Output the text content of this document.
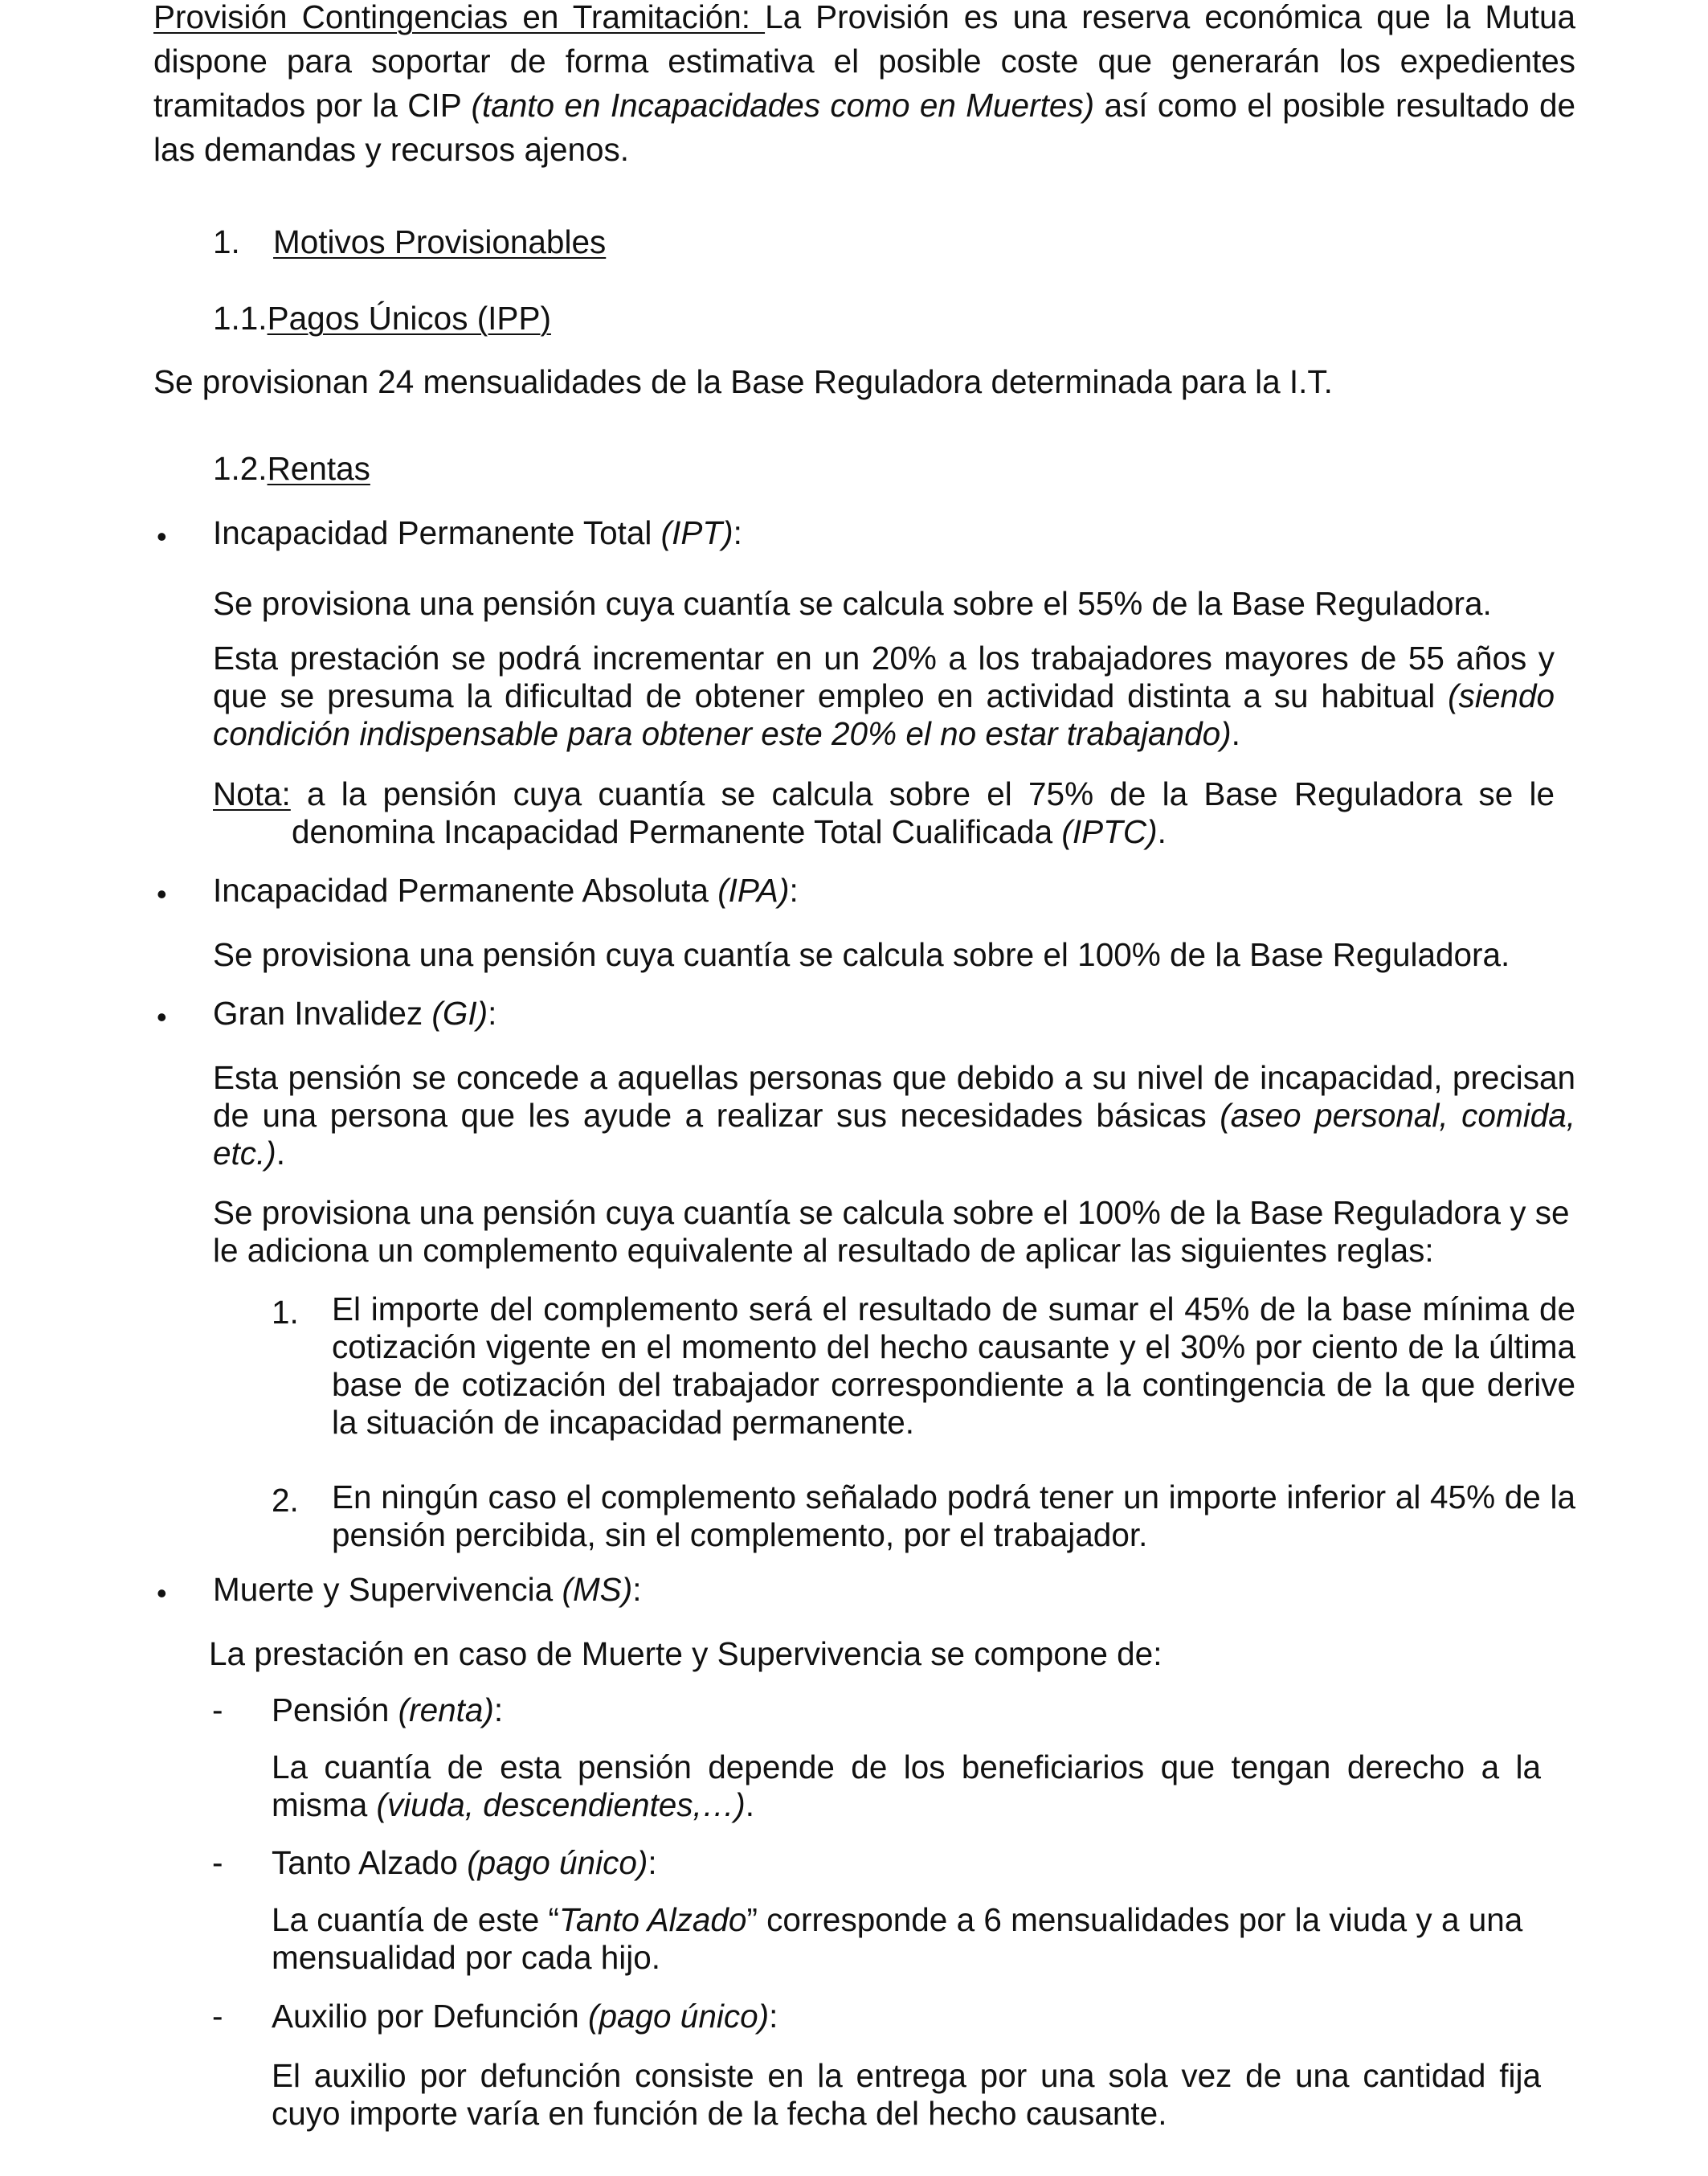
Provisión Contingencias en Tramitación: La Provisión es una reserva económica que la Mutua dispone para soportar de forma estimativa el posible coste que generarán los expedientes tramitados por la CIP (tanto en Incapacidades como en Muertes) así como el posible resultado de las demandas y recursos ajenos.

1. Motivos Provisionables
1.1.Pagos Únicos (IPP)

Se provisionan 24 mensualidades de la Base Reguladora determinada para la I.T.

1.2.Rentas
• Incapacidad Permanente Total (IPT):

Se provisiona una pensión cuya cuantía se calcula sobre el 55% de la Base Reguladora.

Esta prestación se podrá incrementar en un 20% a los trabajadores mayores de 55 años y que se presuma la dificultad de obtener empleo en actividad distinta a su habitual (siendo condición indispensable para obtener este 20% el no estar trabajando).

Nota: a la pensión cuya cuantía se calcula sobre el 75% de la Base Reguladora se le denomina Incapacidad Permanente Total Cualificada (IPTC).

• Incapacidad Permanente Absoluta (IPA):

Se provisiona una pensión cuya cuantía se calcula sobre el 100% de la Base Reguladora.

• Gran Invalidez (GI):

Esta pensión se concede a aquellas personas que debido a su nivel de incapacidad, precisan de una persona que les ayude a realizar sus necesidades básicas (aseo personal, comida, etc.).

Se provisiona una pensión cuya cuantía se calcula sobre el 100% de la Base Reguladora y se le adiciona un complemento equivalente al resultado de aplicar las siguientes reglas:

1. El importe del complemento será el resultado de sumar el 45% de la base mínima de cotización vigente en el momento del hecho causante y el 30% por ciento de la última base de cotización del trabajador correspondiente a la contingencia de la que derive la situación de incapacidad permanente.

2. En ningún caso el complemento señalado podrá tener un importe inferior al 45% de la pensión percibida, sin el complemento, por el trabajador.

• Muerte y Supervivencia (MS):

La prestación en caso de Muerte y Supervivencia se compone de:

- Pensión (renta):

La cuantía de esta pensión depende de los beneficiarios que tengan derecho a la misma (viuda, descendientes,…).

- Tanto Alzado (pago único):

La cuantía de este “Tanto Alzado” corresponde a 6 mensualidades por la viuda y a una mensualidad por cada hijo.

- Auxilio por Defunción (pago único):

El auxilio por defunción consiste en la entrega por una sola vez de una cantidad fija cuyo importe varía en función de la fecha del hecho causante.
